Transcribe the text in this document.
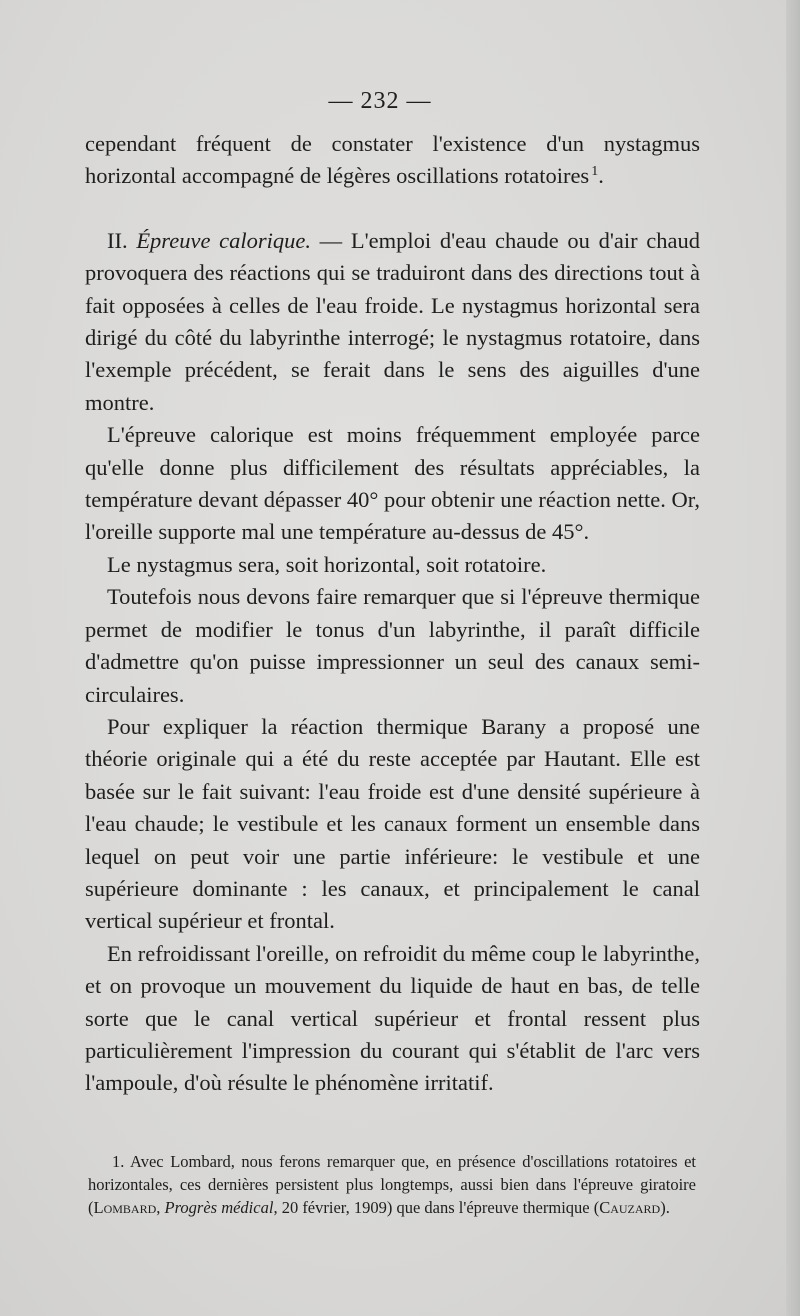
— 232 —

cependant fréquent de constater l'existence d'un nystagmus horizontal accompagné de légères oscillations rotatoires $^1$.

II. Épreuve calorique. — L'emploi d'eau chaude ou d'air chaud provoquera des réactions qui se traduiront dans des directions tout à fait opposées à celles de l'eau froide. Le nystagmus horizontal sera dirigé du côté du labyrinthe interrogé; le nystagmus rotatoire, dans l'exemple précédent, se ferait dans le sens des aiguilles d'une montre.

L'épreuve calorique est moins fréquemment employée parce qu'elle donne plus difficilement des résultats appréciables, la température devant dépasser 40° pour obtenir une réaction nette. Or, l'oreille supporte mal une température au-dessus de 45°.

Le nystagmus sera, soit horizontal, soit rotatoire.

Toutefois nous devons faire remarquer que si l'épreuve thermique permet de modifier le tonus d'un labyrinthe, il paraît difficile d'admettre qu'on puisse impressionner un seul des canaux semi-circulaires.

Pour expliquer la réaction thermique Barany a proposé une théorie originale qui a été du reste acceptée par Hautant. Elle est basée sur le fait suivant: l'eau froide est d'une densité supérieure à l'eau chaude; le vestibule et les canaux forment un ensemble dans lequel on peut voir une partie inférieure: le vestibule et une supérieure dominante : les canaux, et principalement le canal vertical supérieur et frontal.

En refroidissant l'oreille, on refroidit du même coup le labyrinthe, et on provoque un mouvement du liquide de haut en bas, de telle sorte que le canal vertical supérieur et frontal ressent plus particulièrement l'impression du courant qui s'établit de l'arc vers l'ampoule, d'où résulte le phénomène irritatif.

1. Avec Lombard, nous ferons remarquer que, en présence d'oscillations rotatoires et horizontales, ces dernières persistent plus longtemps, aussi bien dans l'épreuve giratoire (Lombard, Progrès médical, 20 février, 1909) que dans l'épreuve thermique (Cauzard).
